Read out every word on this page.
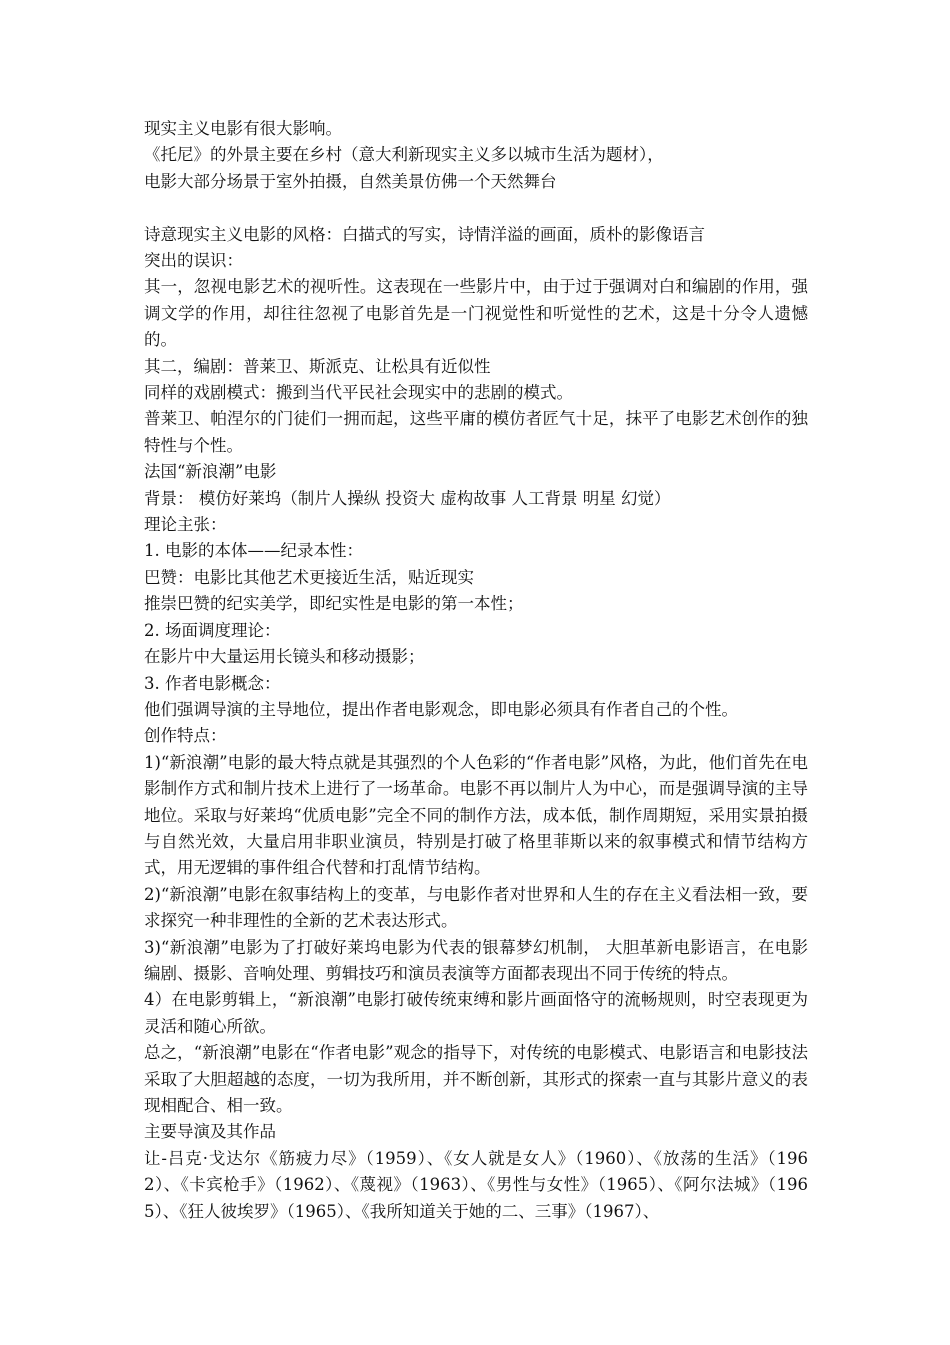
现实主义电影有很大影响。

《托尼》的外景主要在乡村（意大利新现实主义多以城市生活为题材），

电影大部分场景于室外拍摄，自然美景仿佛一个天然舞台

诗意现实主义电影的风格：白描式的写实，诗情洋溢的画面，质朴的影像语言

突出的误识：

其一，忽视电影艺术的视听性。这表现在一些影片中，由于过于强调对白和编剧的作用，强调文学的作用，却往往忽视了电影首先是一门视觉性和听觉性的艺术，这是十分令人遗憾的。

其二，编剧：普莱卫、斯派克、让松具有近似性

同样的戏剧模式：搬到当代平民社会现实中的悲剧的模式。

普莱卫、帕涅尔的门徒们一拥而起，这些平庸的模仿者匠气十足，抹平了电影艺术创作的独特性与个性。

法国“新浪潮”电影

背景： 模仿好莱坞（制片人操纵 投资大 虚构故事 人工背景 明星 幻觉）

理论主张：

1. 电影的本体——纪录本性：

巴赞：电影比其他艺术更接近生活，贴近现实

推崇巴赞的纪实美学，即纪实性是电影的第一本性；

2. 场面调度理论：

在影片中大量运用长镜头和移动摄影；

3. 作者电影概念：

他们强调导演的主导地位，提出作者电影观念，即电影必须具有作者自己的个性。

创作特点：

1)“新浪潮”电影的最大特点就是其强烈的个人色彩的“作者电影”风格，为此，他们首先在电影制作方式和制片技术上进行了一场革命。电影不再以制片人为中心，而是强调导演的主导地位。采取与好莱坞“优质电影”完全不同的制作方法，成本低，制作周期短，采用实景拍摄与自然光效，大量启用非职业演员，特别是打破了格里菲斯以来的叙事模式和情节结构方式，用无逻辑的事件组合代替和打乱情节结构。

2)“新浪潮”电影在叙事结构上的变革，与电影作者对世界和人生的存在主义看法相一致，要求探究一种非理性的全新的艺术表达形式。

3)“新浪潮”电影为了打破好莱坞电影为代表的银幕梦幻机制， 大胆革新电影语言，在电影编剧、摄影、音响处理、剪辑技巧和演员表演等方面都表现出不同于传统的特点。

4）在电影剪辑上，“新浪潮”电影打破传统束缚和影片画面恪守的流畅规则，时空表现更为灵活和随心所欲。

总之，“新浪潮”电影在“作者电影”观念的指导下，对传统的电影模式、电影语言和电影技法采取了大胆超越的态度，一切为我所用，并不断创新，其形式的探索一直与其影片意义的表现相配合、相一致。

主要导演及其作品

让-吕克·戈达尔《筋疲力尽》（1959）、《女人就是女人》（1960）、《放荡的生活》（1962）、《卡宾枪手》（1962）、《蔑视》（1963）、《男性与女性》（1965）、《阿尔法城》（1965）、《狂人彼埃罗》（1965）、《我所知道关于她的二、三事》（1967）、
